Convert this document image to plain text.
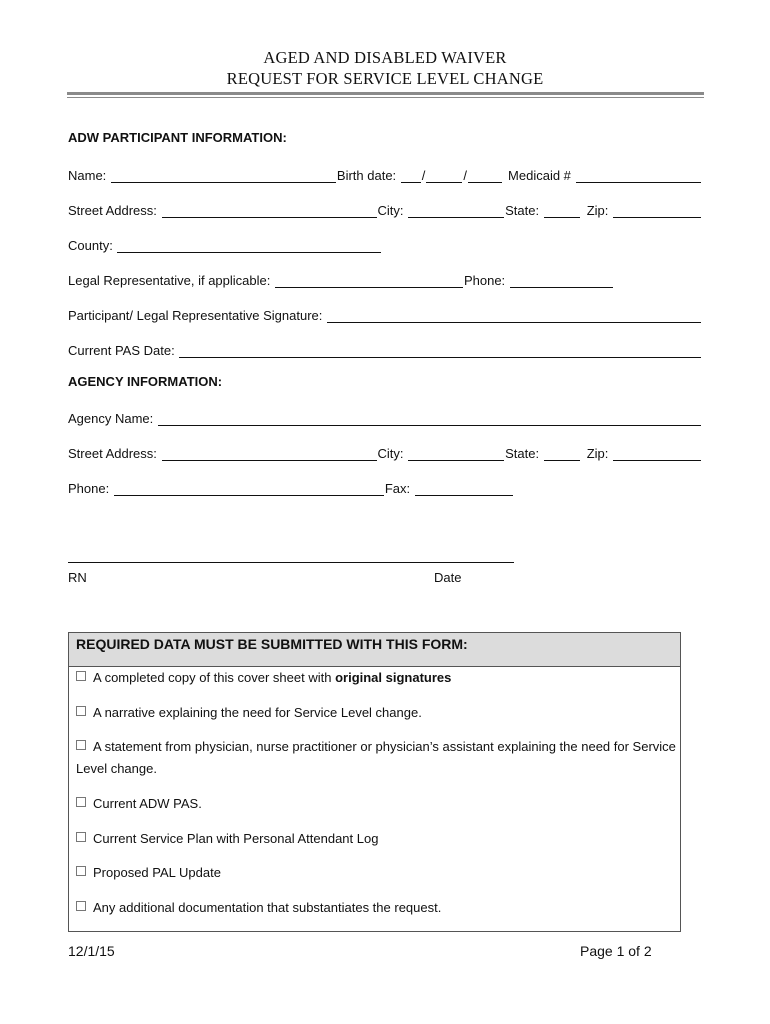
AGED AND DISABLED WAIVER
REQUEST FOR SERVICE LEVEL CHANGE
ADW PARTICIPANT INFORMATION:
Name:	Birth date: /	/	Medicaid #
Street Address:	City:	State:	Zip:
County:
Legal Representative, if applicable:	Phone:
Participant/ Legal Representative Signature:
Current PAS Date:
AGENCY INFORMATION:
Agency Name:
Street Address:	City:	State:	Zip:
Phone:	Fax:
RN	Date
REQUIRED DATA MUST BE SUBMITTED WITH THIS FORM:
A completed copy of this cover sheet with original signatures
A narrative explaining the need for Service Level change.
A statement from physician, nurse practitioner or physician’s assistant explaining the need for Service Level change.
Current ADW PAS.
Current Service Plan with Personal Attendant Log
Proposed PAL Update
Any additional documentation that substantiates the request.
12/1/15	Page 1 of 2
